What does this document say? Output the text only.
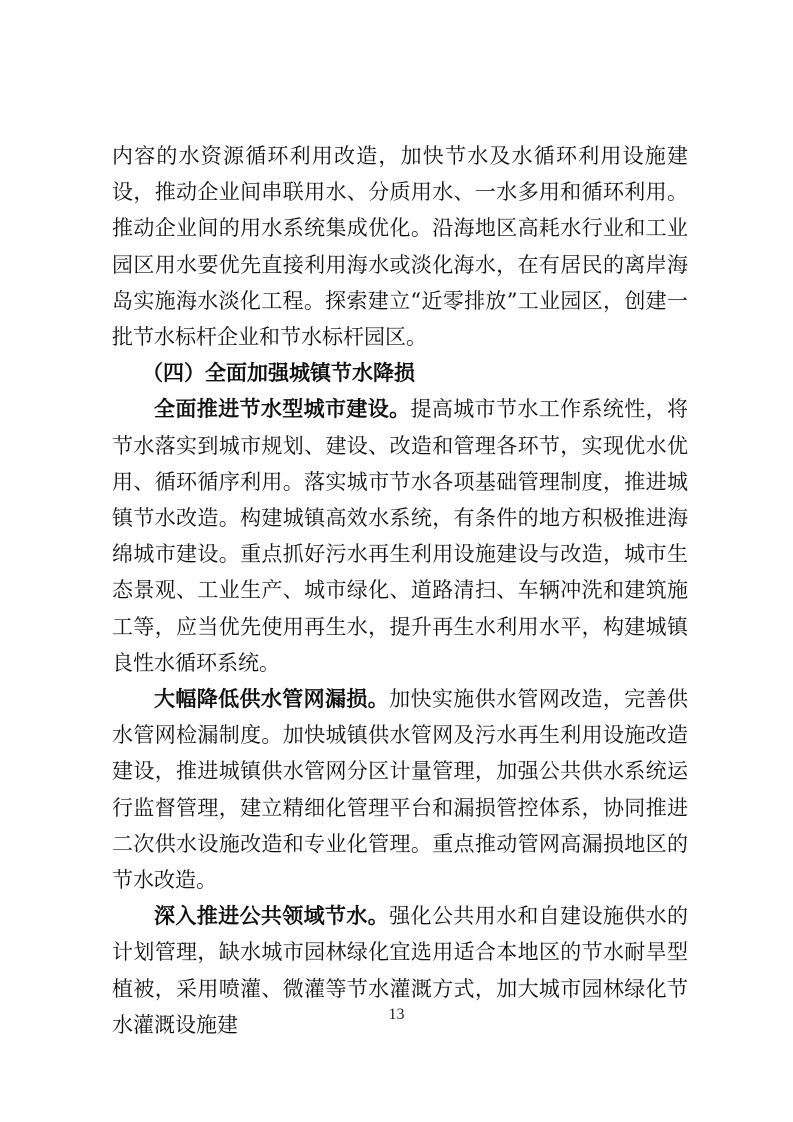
内容的水资源循环利用改造，加快节水及水循环利用设施建设，推动企业间串联用水、分质用水、一水多用和循环利用。推动企业间的用水系统集成优化。沿海地区高耗水行业和工业园区用水要优先直接利用海水或淡化海水，在有居民的离岸海岛实施海水淡化工程。探索建立“近零排放”工业园区，创建一批节水标杆企业和节水标杆园区。

（四）全面加强城镇节水降损

全面推进节水型城市建设。提高城市节水工作系统性，将节水落实到城市规划、建设、改造和管理各环节，实现优水优用、循环循序利用。落实城市节水各项基础管理制度，推进城镇节水改造。构建城镇高效水系统，有条件的地方积极推进海绵城市建设。重点抓好污水再生利用设施建设与改造，城市生态景观、工业生产、城市绿化、道路清扫、车辆冲洗和建筑施工等，应当优先使用再生水，提升再生水利用水平，构建城镇良性水循环系统。

大幅降低供水管网漏损。加快实施供水管网改造，完善供水管网检漏制度。加快城镇供水管网及污水再生利用设施改造建设，推进城镇供水管网分区计量管理，加强公共供水系统运行监督管理，建立精细化管理平台和漏损管控体系，协同推进二次供水设施改造和专业化管理。重点推动管网高漏损地区的节水改造。

深入推进公共领域节水。强化公共用水和自建设施供水的计划管理，缺水城市园林绿化宜选用适合本地区的节水耐旱型植被，采用喷灌、微灌等节水灌溉方式，加大城市园林绿化节水灌溉设施建	13
